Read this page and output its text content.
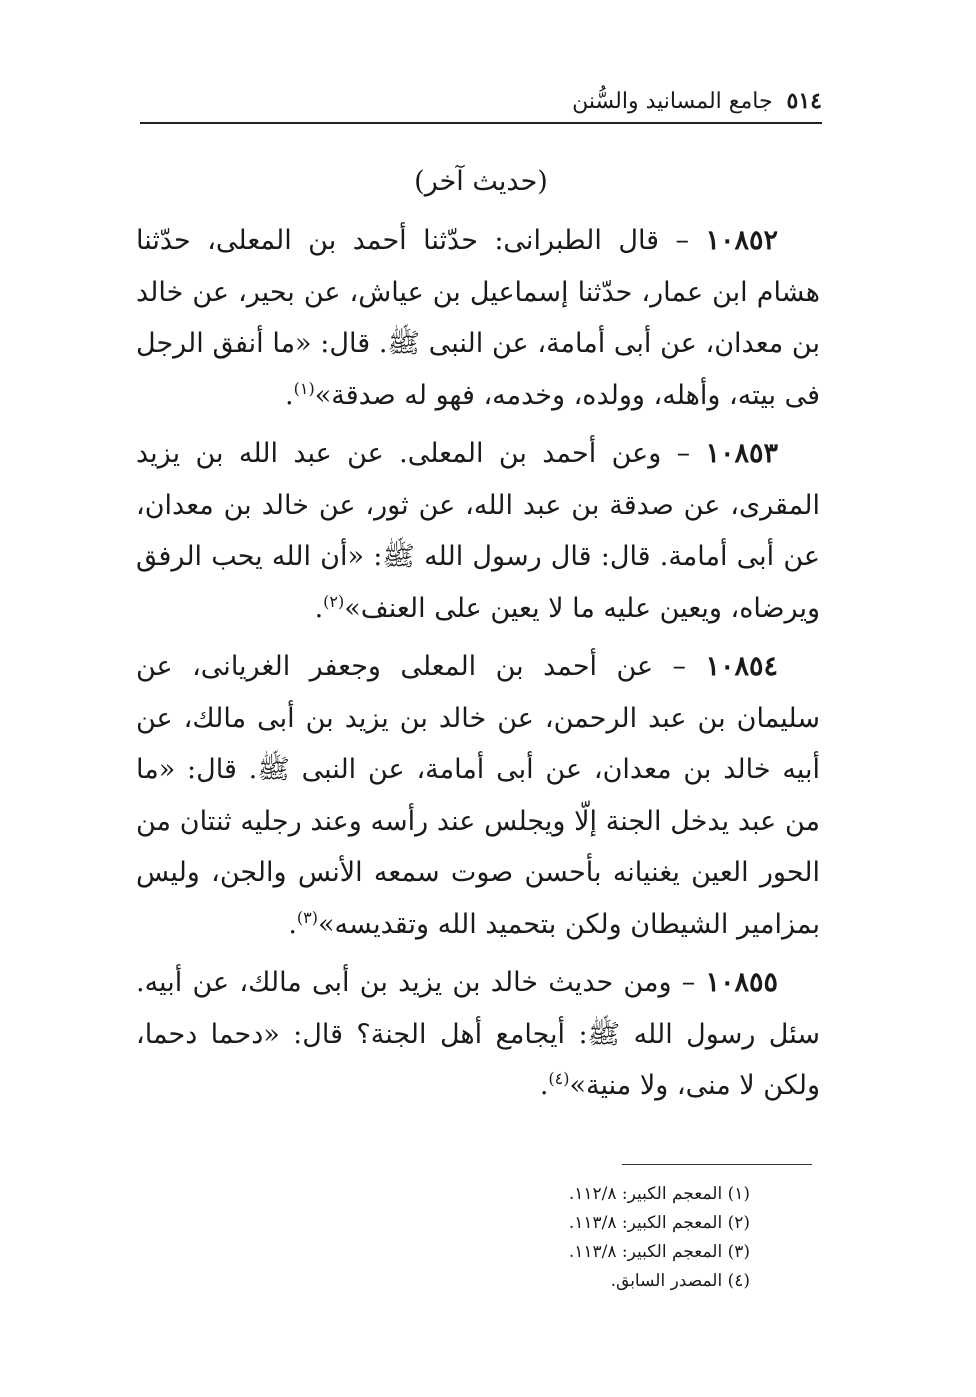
٥١٤
جامع المسانيد والسُّنن
(حديث آخر)

١٠٨٥٢ – قال الطبرانى: حدّثنا أحمد بن المعلى، حدّثنا هشام ابن عمار، حدّثنا إسماعيل بن عياش، عن بحير، عن خالد بن معدان، عن أبى أمامة، عن النبى ﷺ. قال: «ما أنفق الرجل فى بيته، وأهله، وولده، وخدمه، فهو له صدقة»$^{(١)}$.

١٠٨٥٣ – وعن أحمد بن المعلى. عن عبد الله بن يزيد المقرى، عن صدقة بن عبد الله، عن ثور، عن خالد بن معدان، عن أبى أمامة. قال: قال رسول الله ﷺ: «أن الله يحب الرفق ويرضاه، ويعين عليه ما لا يعين على العنف»$^{(٢)}$.

١٠٨٥٤ – عن أحمد بن المعلى وجعفر الغريانى، عن سليمان بن عبد الرحمن، عن خالد بن يزيد بن أبى مالك، عن أبيه خالد بن معدان، عن أبى أمامة، عن النبى ﷺ. قال: «ما من عبد يدخل الجنة إلّا ويجلس عند رأسه وعند رجليه ثنتان من الحور العين يغنيانه بأحسن صوت سمعه الأنس والجن، وليس بمزامير الشيطان ولكن بتحميد الله وتقديسه»$^{(٣)}$.

١٠٨٥٥ – ومن حديث خالد بن يزيد بن أبى مالك، عن أبيه. سئل رسول الله ﷺ: أيجامع أهل الجنة؟ قال: «دحما دحما، ولكن لا منى، ولا منية»$^{(٤)}$.

(١) المعجم الكبير: ١١٢/٨.
(٢) المعجم الكبير: ١١٣/٨.
(٣) المعجم الكبير: ١١٣/٨.
(٤) المصدر السابق.
